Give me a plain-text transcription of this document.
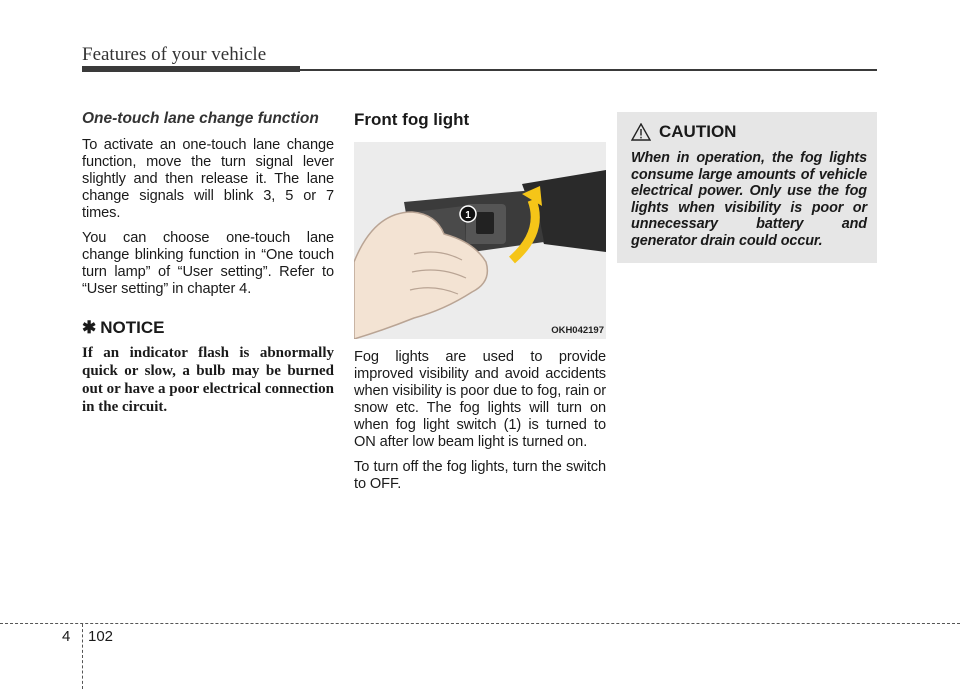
Features of your vehicle

One-touch lane change function

To activate an one-touch lane change function, move the turn signal lever slightly and then release it. The lane change signals will blink 3, 5 or 7 times.

You can choose one-touch lane change blinking function in “One touch turn lamp” of “User setting”. Refer to “User setting” in chapter 4.

✱ NOTICE

If an indicator flash is abnormally quick or slow, a bulb may be burned out or have a poor electrical connection in the circuit.

Front fog light
1
OKH042197

Fog lights are used to provide improved visibility and avoid accidents when visibility is poor due to fog, rain or snow etc. The fog lights will turn on when fog light switch (1) is turned to ON after low beam light is turned on.

To turn off the fog lights, turn the switch to OFF.

CAUTION

When in operation, the fog lights consume large amounts of vehicle electrical power. Only use the fog lights when visibility is poor or unnecessary battery and generator drain could occur.

4 102
